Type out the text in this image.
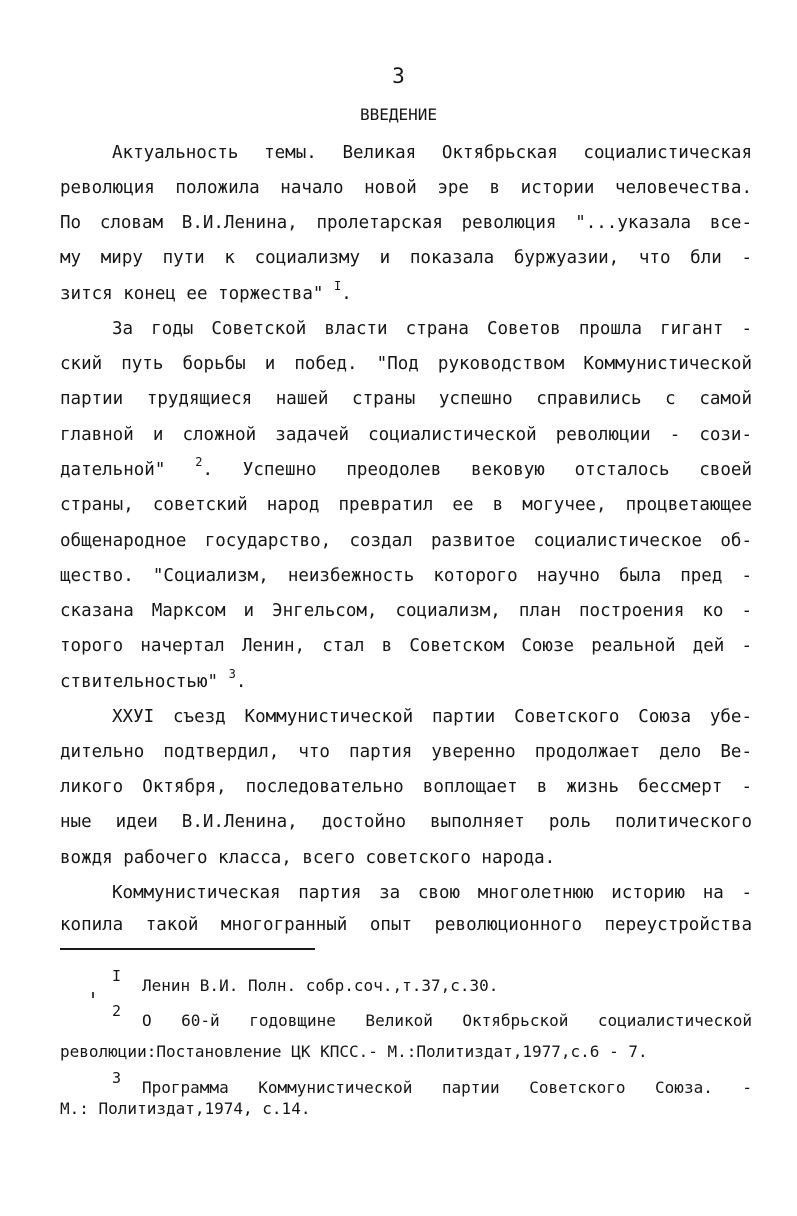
3
ВВЕДЕНИЕ
Актуальность темы. Великая Октябрьская социалистическая
революция положила начало новой эре в истории человечества.
По словам В.И.Ленина, пролетарская революция "...указала все-
му миру пути к социализму и показала буржуазии, что бли -
зится конец ее торжества" $^I$.
За годы Советской власти страна Советов прошла гигант -
ский путь борьбы и побед. "Под руководством Коммунистической
партии трудящиеся нашей страны успешно справились с самой
главной и сложной задачей социалистической революции - сози-
дательной" $^2$. Успешно преодолев вековую отсталось своей
страны, советский народ превратил ее в могучее, процветающее
общенародное государство, создал развитое социалистическое об-
щество. "Социализм, неизбежность которого научно была пред -
сказана Марксом и Энгельсом, социализм, план построения ко -
торого начертал Ленин, стал в Советском Союзе реальной дей -
ствительностью" $^3$.
ХХУI съезд Коммунистической партии Советского Союза убе-
дительно подтвердил, что партия уверенно продолжает дело Ве-
ликого Октября, последовательно воплощает в жизнь бессмерт -
ные идеи В.И.Ленина, достойно выполняет роль политического
вождя рабочего класса, всего советского народа.
Коммунистическая партия за свою многолетнюю историю на -
копила такой многогранный опыт революционного переустройства
I Ленин В.И. Полн. собр.соч.,т.37,с.30.
2 О 60-й годовщине Великой Октябрьской социалистической
революции:Постановление ЦК КПСС.- М.:Политиздат,1977,с.6 - 7.
3 Программа Коммунистической партии Советского Союза. -
М.: Политиздат,1974, с.14.
